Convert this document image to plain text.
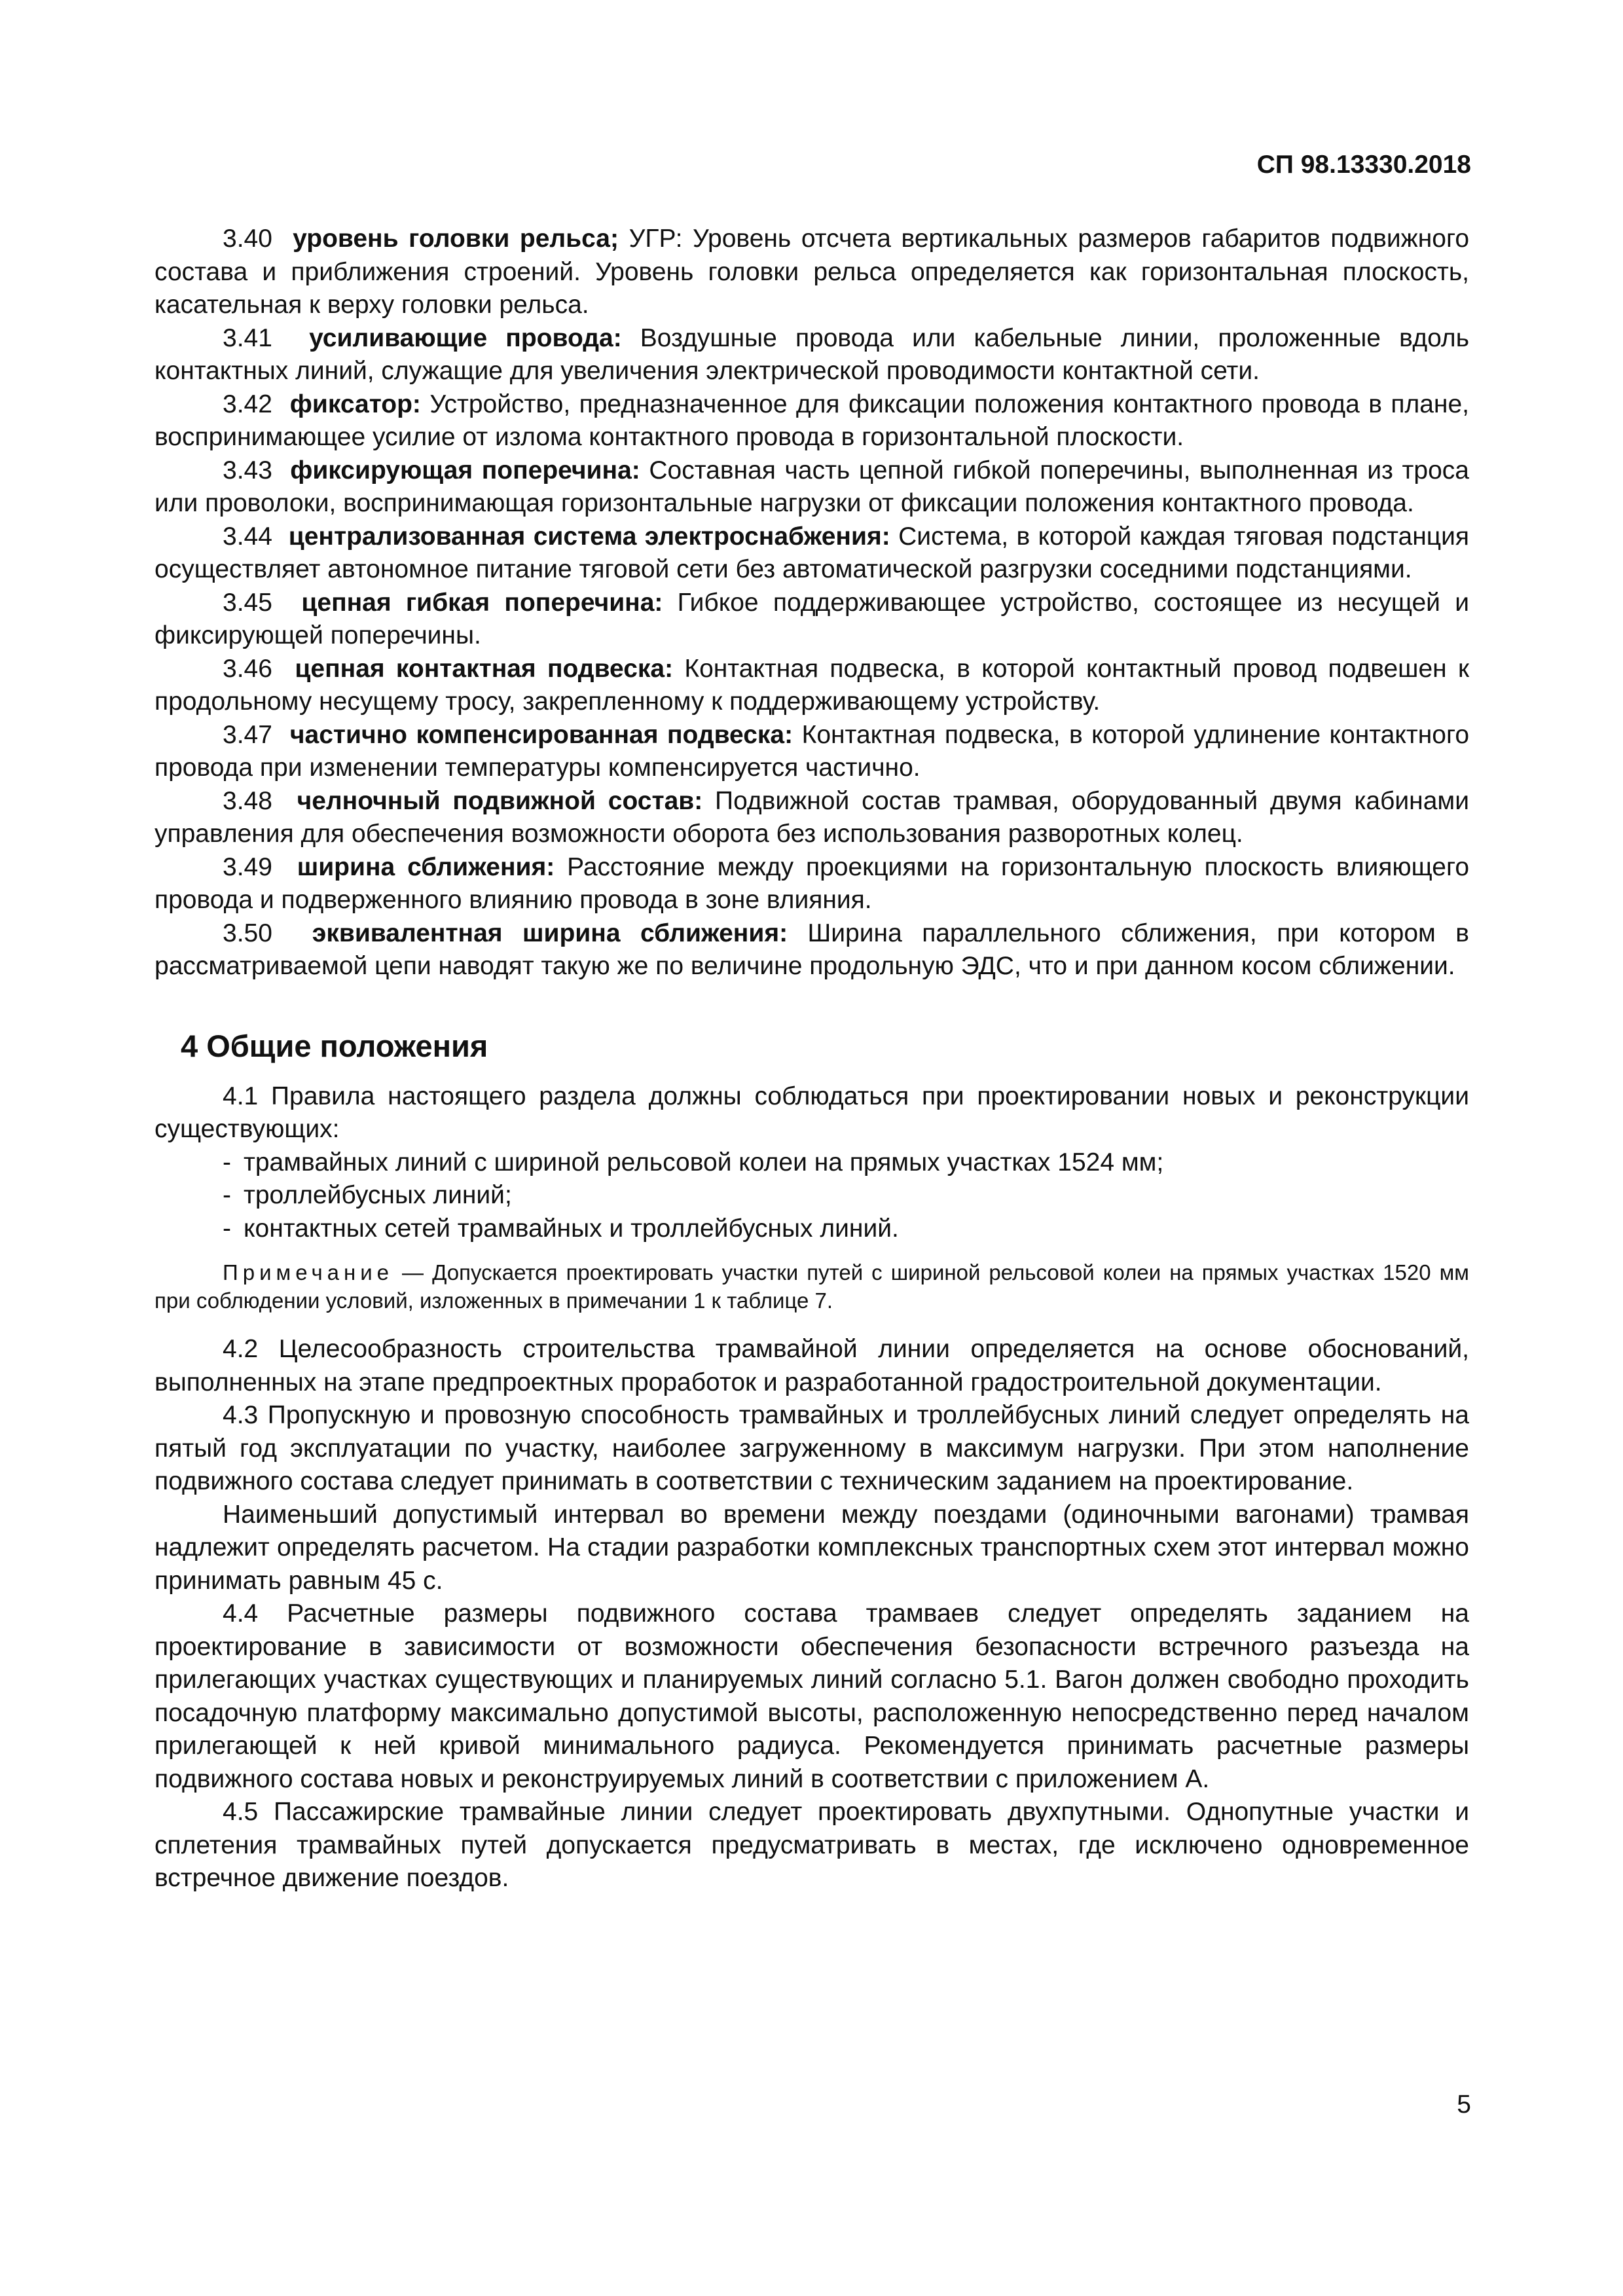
СП 98.13330.2018

3.40 уровень головки рельса; УГР: Уровень отсчета вертикальных размеров габаритов подвижного состава и приближения строений. Уровень головки рельса определяется как горизонтальная плоскость, касательная к верху головки рельса.

3.41 усиливающие провода: Воздушные провода или кабельные линии, проложенные вдоль контактных линий, служащие для увеличения электрической проводимости контактной сети.

3.42 фиксатор: Устройство, предназначенное для фиксации положения контактного провода в плане, воспринимающее усилие от излома контактного провода в горизонтальной плоскости.

3.43 фиксирующая поперечина: Составная часть цепной гибкой поперечины, выполненная из троса или проволоки, воспринимающая горизонтальные нагрузки от фиксации положения контактного провода.

3.44 централизованная система электроснабжения: Система, в которой каждая тяговая подстанция осуществляет автономное питание тяговой сети без автоматической разгрузки соседними подстанциями.

3.45 цепная гибкая поперечина: Гибкое поддерживающее устройство, состоящее из несущей и фиксирующей поперечины.

3.46 цепная контактная подвеска: Контактная подвеска, в которой контактный провод подвешен к продольному несущему тросу, закрепленному к поддерживающему устройству.

3.47 частично компенсированная подвеска: Контактная подвеска, в которой удлинение контактного провода при изменении температуры компенсируется частично.

3.48 челночный подвижной состав: Подвижной состав трамвая, оборудованный двумя кабинами управления для обеспечения возможности оборота без использования разворотных колец.

3.49 ширина сближения: Расстояние между проекциями на горизонтальную плоскость влияющего провода и подверженного влиянию провода в зоне влияния.

3.50 эквивалентная ширина сближения: Ширина параллельного сближения, при котором в рассматриваемой цепи наводят такую же по величине продольную ЭДС, что и при данном косом сближении.

4 Общие положения

4.1 Правила настоящего раздела должны соблюдаться при проектировании новых и реконструкции существующих:

- трамвайных линий с шириной рельсовой колеи на прямых участках 1524 мм;
- троллейбусных линий;
- контактных сетей трамвайных и троллейбусных линий.

Примечание — Допускается проектировать участки путей с шириной рельсовой колеи на прямых участках 1520 мм при соблюдении условий, изложенных в примечании 1 к таблице 7.

4.2 Целесообразность строительства трамвайной линии определяется на основе обоснований, выполненных на этапе предпроектных проработок и разработанной градостроительной документации.

4.3 Пропускную и провозную способность трамвайных и троллейбусных линий следует определять на пятый год эксплуатации по участку, наиболее загруженному в максимум нагрузки. При этом наполнение подвижного состава следует принимать в соответствии с техническим заданием на проектирование.

Наименьший допустимый интервал во времени между поездами (одиночными вагонами) трамвая надлежит определять расчетом. На стадии разработки комплексных транспортных схем этот интервал можно принимать равным 45 с.

4.4 Расчетные размеры подвижного состава трамваев следует определять заданием на проектирование в зависимости от возможности обеспечения безопасности встречного разъезда на прилегающих участках существующих и планируемых линий согласно 5.1. Вагон должен свободно проходить посадочную платформу максимально допустимой высоты, расположенную непосредственно перед началом прилегающей к ней кривой минимального радиуса. Рекомендуется принимать расчетные размеры подвижного состава новых и реконструируемых линий в соответствии с приложением А.

4.5 Пассажирские трамвайные линии следует проектировать двухпутными. Однопутные участки и сплетения трамвайных путей допускается предусматривать в местах, где исключено одновременное встречное движение поездов.

5
